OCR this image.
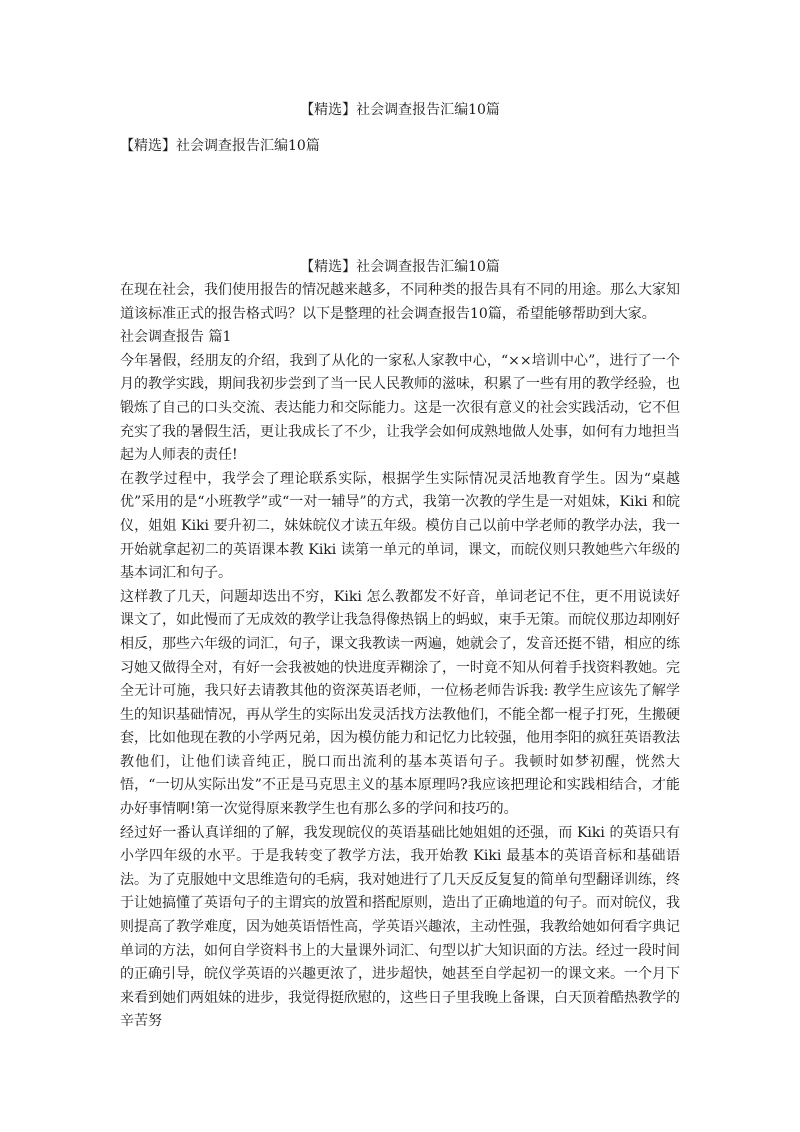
【精选】社会调查报告汇编10篇
【精选】社会调查报告汇编10篇
【精选】社会调查报告汇编10篇

在现在社会，我们使用报告的情况越来越多，不同种类的报告具有不同的用途。那么大家知道该标准正式的报告格式吗？以下是整理的社会调查报告10篇，希望能够帮助到大家。

社会调查报告 篇1

今年暑假，经朋友的介绍，我到了从化的一家私人家教中心，“××培训中心”，进行了一个月的教学实践，期间我初步尝到了当一民人民教师的滋味，积累了一些有用的教学经验，也锻炼了自己的口头交流、表达能力和交际能力。这是一次很有意义的社会实践活动，它不但充实了我的暑假生活，更让我成长了不少，让我学会如何成熟地做人处事，如何有力地担当起为人师表的责任!

在教学过程中，我学会了理论联系实际，根据学生实际情况灵活地教育学生。因为“桌越优”采用的是“小班教学”或“一对一辅导”的方式，我第一次教的学生是一对姐妹，Kiki 和皖仪，姐姐 Kiki 要升初二，妹妹皖仪才读五年级。模仿自己以前中学老师的教学办法，我一开始就拿起初二的英语课本教 Kiki 读第一单元的单词，课文，而皖仪则只教她些六年级的基本词汇和句子。

这样教了几天，问题却迭出不穷，Kiki 怎么教都发不好音，单词老记不住，更不用说读好课文了，如此慢而了无成效的教学让我急得像热锅上的蚂蚁，束手无策。而皖仪那边却刚好相反，那些六年级的词汇，句子，课文我教读一两遍，她就会了，发音还挺不错，相应的练习她又做得全对，有好一会我被她的快进度弄糊涂了，一时竟不知从何着手找资料教她。完全无计可施，我只好去请教其他的资深英语老师，一位杨老师告诉我: 教学生应该先了解学生的知识基础情况，再从学生的实际出发灵活找方法教他们，不能全都一棍子打死，生搬硬套，比如他现在教的小学两兄弟，因为模仿能力和记忆力比较强，他用李阳的疯狂英语教法教他们，让他们读音纯正，脱口而出流利的基本英语句子。我顿时如梦初醒，恍然大悟，“一切从实际出发”不正是马克思主义的基本原理吗?我应该把理论和实践相结合，才能办好事情啊!第一次觉得原来教学生也有那么多的学问和技巧的。

经过好一番认真详细的了解，我发现皖仪的英语基础比她姐姐的还强，而 Kiki 的英语只有小学四年级的水平。于是我转变了教学方法，我开始教 Kiki 最基本的英语音标和基础语法。为了克服她中文思维造句的毛病，我对她进行了几天反反复复的简单句型翻译训练，终于让她搞懂了英语句子的主谓宾的放置和搭配原则，造出了正确地道的句子。而对皖仪，我则提高了教学难度，因为她英语悟性高，学英语兴趣浓，主动性强，我教给她如何看字典记单词的方法，如何自学资料书上的大量课外词汇、句型以扩大知识面的方法。经过一段时间的正确引导，皖仪学英语的兴趣更浓了，进步超快，她甚至自学起初一的课文来。一个月下来看到她们两姐妹的进步，我觉得挺欣慰的，这些日子里我晚上备课，白天顶着酷热教学的辛苦努
